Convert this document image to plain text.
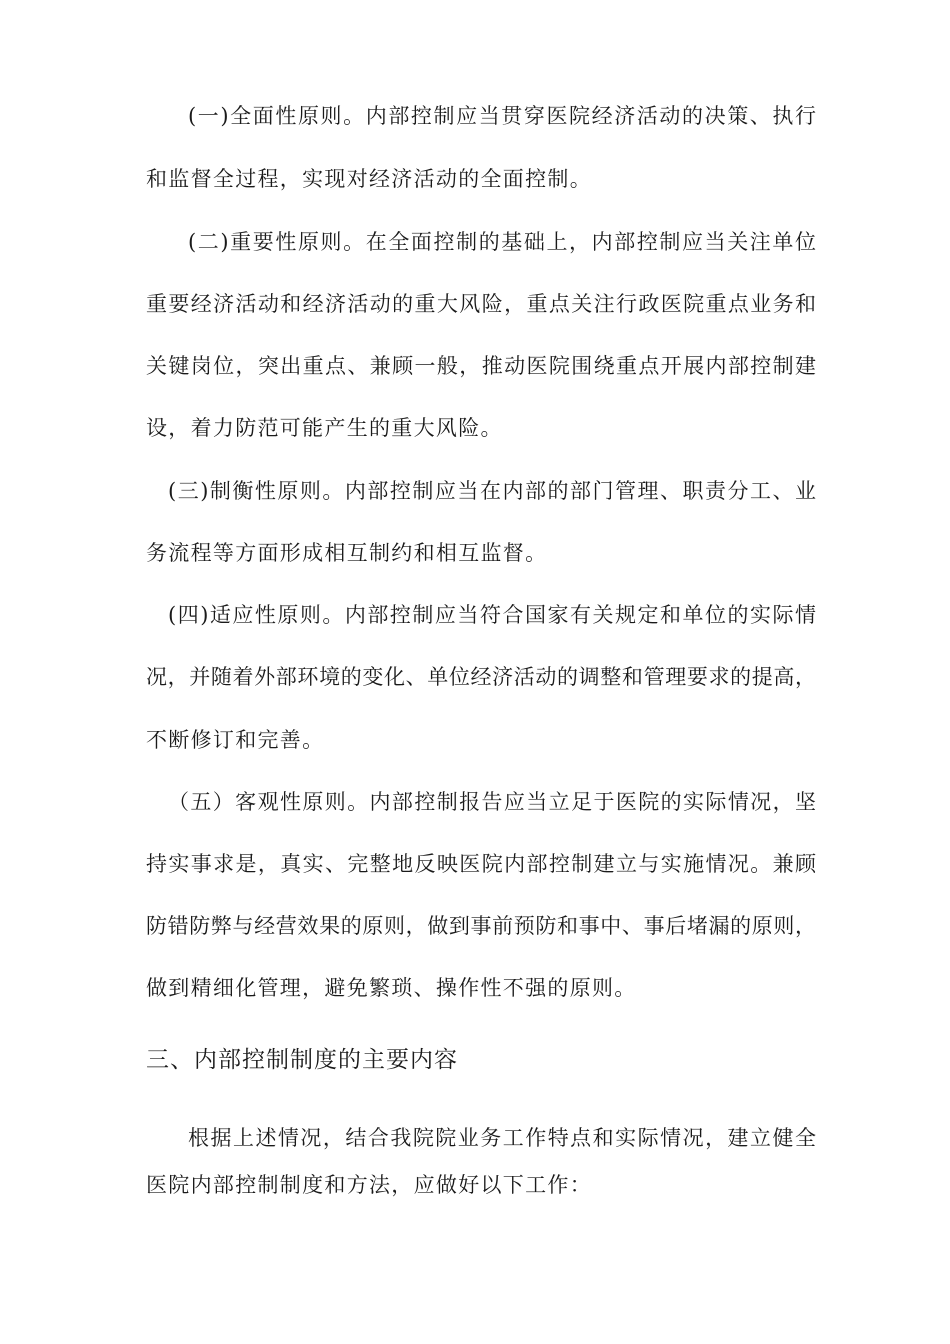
(一)全面性原则。内部控制应当贯穿医院经济活动的决策、执行
和监督全过程，实现对经济活动的全面控制。
(二)重要性原则。在全面控制的基础上，内部控制应当关注单位
重要经济活动和经济活动的重大风险，重点关注行政医院重点业务和
关键岗位，突出重点、兼顾一般，推动医院围绕重点开展内部控制建
设，着力防范可能产生的重大风险。
(三)制衡性原则。内部控制应当在内部的部门管理、职责分工、业
务流程等方面形成相互制约和相互监督。
(四)适应性原则。内部控制应当符合国家有关规定和单位的实际情
况，并随着外部环境的变化、单位经济活动的调整和管理要求的提高，
不断修订和完善。
（五）客观性原则。内部控制报告应当立足于医院的实际情况，坚
持实事求是，真实、完整地反映医院内部控制建立与实施情况。兼顾
防错防弊与经营效果的原则，做到事前预防和事中、事后堵漏的原则，
做到精细化管理，避免繁琐、操作性不强的原则。
三、内部控制制度的主要内容
根据上述情况，结合我院院业务工作特点和实际情况，建立健全
医院内部控制制度和方法，应做好以下工作：
